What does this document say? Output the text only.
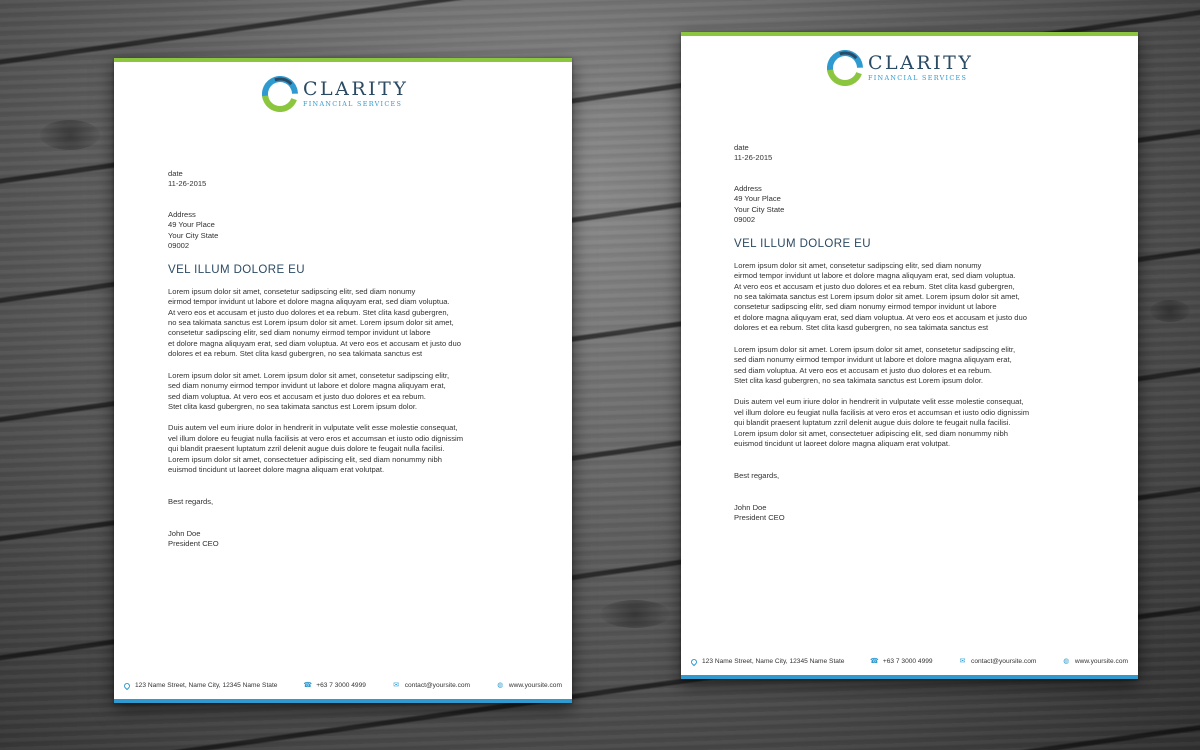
CLARITY
FINANCIAL SERVICES
date
11-26-2015
Address
49 Your Place
Your City State
09002
VEL ILLUM DOLORE EU
Lorem ipsum dolor sit amet, consetetur sadipscing elitr, sed diam nonumy
eirmod tempor invidunt ut labore et dolore magna aliquyam erat, sed diam voluptua.
At vero eos et accusam et justo duo dolores et ea rebum. Stet clita kasd gubergren,
no sea takimata sanctus est Lorem ipsum dolor sit amet. Lorem ipsum dolor sit amet,
consetetur sadipscing elitr, sed diam nonumy eirmod tempor invidunt ut labore
et dolore magna aliquyam erat, sed diam voluptua. At vero eos et accusam et justo duo
dolores et ea rebum. Stet clita kasd gubergren, no sea takimata sanctus est
Lorem ipsum dolor sit amet. Lorem ipsum dolor sit amet, consetetur sadipscing elitr,
sed diam nonumy eirmod tempor invidunt ut labore et dolore magna aliquyam erat,
sed diam voluptua. At vero eos et accusam et justo duo dolores et ea rebum.
Stet clita kasd gubergren, no sea takimata sanctus est Lorem ipsum dolor.
Duis autem vel eum iriure dolor in hendrerit in vulputate velit esse molestie consequat,
vel illum dolore eu feugiat nulla facilisis at vero eros et accumsan et iusto odio dignissim
qui blandit praesent luptatum zzril delenit augue duis dolore te feugait nulla facilisi.
Lorem ipsum dolor sit amet, consectetuer adipiscing elit, sed diam nonummy nibh
euismod tincidunt ut laoreet dolore magna aliquam erat volutpat.
Best regards,
John Doe
President CEO
123 Name Street, Name City, 12345 Name State	☎ +63 7 3000 4999	✉ contact@yoursite.com	◍ www.yoursite.com
CLARITY
FINANCIAL SERVICES
date
11-26-2015
Address
49 Your Place
Your City State
09002
VEL ILLUM DOLORE EU
Lorem ipsum dolor sit amet, consetetur sadipscing elitr, sed diam nonumy
eirmod tempor invidunt ut labore et dolore magna aliquyam erat, sed diam voluptua.
At vero eos et accusam et justo duo dolores et ea rebum. Stet clita kasd gubergren,
no sea takimata sanctus est Lorem ipsum dolor sit amet. Lorem ipsum dolor sit amet,
consetetur sadipscing elitr, sed diam nonumy eirmod tempor invidunt ut labore
et dolore magna aliquyam erat, sed diam voluptua. At vero eos et accusam et justo duo
dolores et ea rebum. Stet clita kasd gubergren, no sea takimata sanctus est
Lorem ipsum dolor sit amet. Lorem ipsum dolor sit amet, consetetur sadipscing elitr,
sed diam nonumy eirmod tempor invidunt ut labore et dolore magna aliquyam erat,
sed diam voluptua. At vero eos et accusam et justo duo dolores et ea rebum.
Stet clita kasd gubergren, no sea takimata sanctus est Lorem ipsum dolor.
Duis autem vel eum iriure dolor in hendrerit in vulputate velit esse molestie consequat,
vel illum dolore eu feugiat nulla facilisis at vero eros et accumsan et iusto odio dignissim
qui blandit praesent luptatum zzril delenit augue duis dolore te feugait nulla facilisi.
Lorem ipsum dolor sit amet, consectetuer adipiscing elit, sed diam nonummy nibh
euismod tincidunt ut laoreet dolore magna aliquam erat volutpat.
Best regards,
John Doe
President CEO
123 Name Street, Name City, 12345 Name State	☎ +63 7 3000 4999	✉ contact@yoursite.com	◍ www.yoursite.com
